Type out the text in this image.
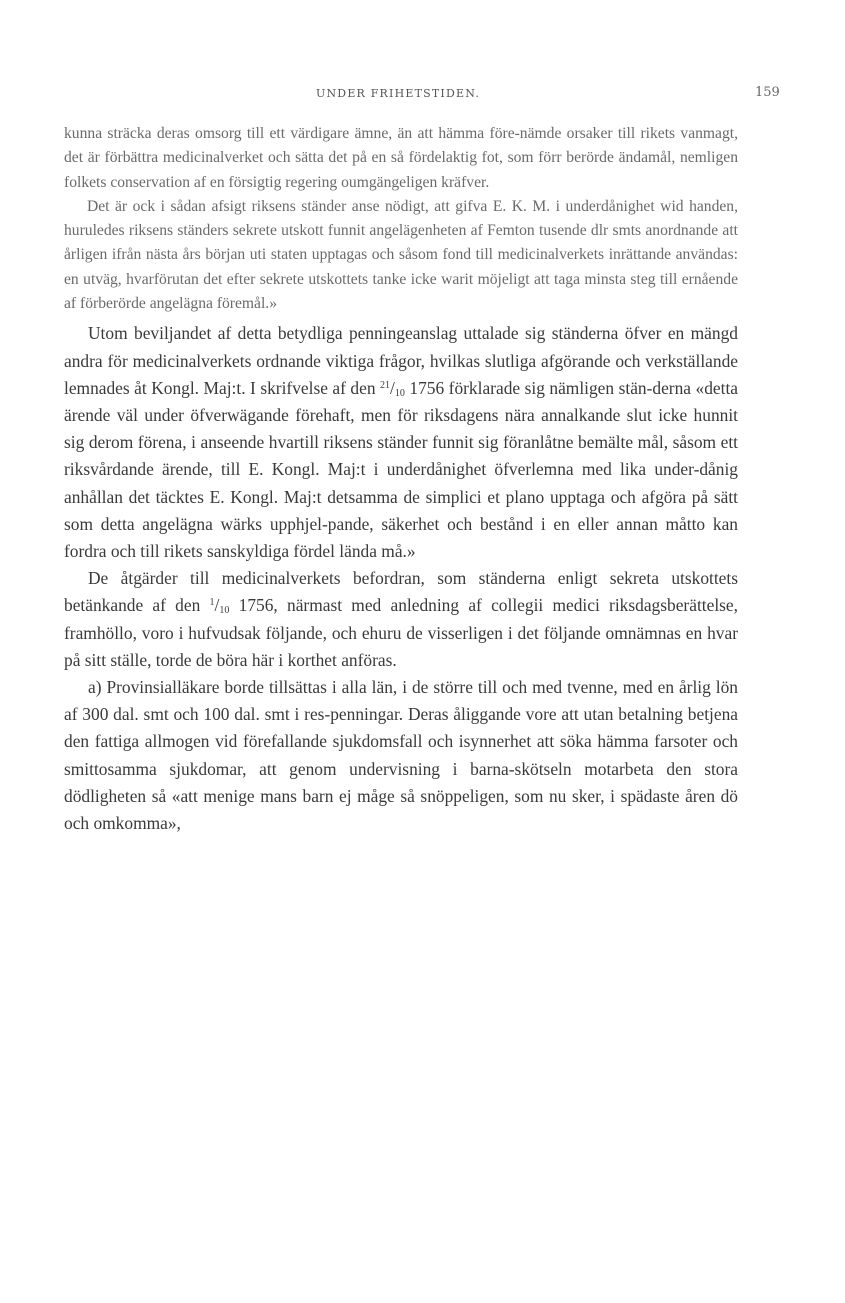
UNDER FRIHETSTIDEN.	159

kunna sträcka deras omsorg till ett värdigare ämne, än att hämma före-nämde orsaker till rikets vanmagt, det är förbättra medicinalverket och sätta det på en så fördelaktig fot, som förr berörde ändamål, nemligen folkets conservation af en försigtig regering oumgängeligen kräfver.

Det är ock i sådan afsigt riksens ständer anse nödigt, att gifva E. K. M. i underdånighet wid handen, huruledes riksens ständers sekrete utskott funnit angelägenheten af Femton tusende dlr smts anordnande att årligen ifrån nästa års början uti staten upptagas och såsom fond till medicinalverkets inrättande användas: en utväg, hvarförutan det efter sekrete utskottets tanke icke warit möjeligt att taga minsta steg till ernående af förberörde angelägna föremål.»

Utom beviljandet af detta betydliga penningeanslag uttalade sig ständerna öfver en mängd andra för medicinalverkets ordnande viktiga frågor, hvilkas slutliga afgörande och verkställande lemnades åt Kongl. Maj:t. I skrifvelse af den $^{21}/_{10}$ 1756 förklarade sig nämligen stän-derna «detta ärende väl under öfverwägande förehaft, men för riksdagens nära annalkande slut icke hunnit sig derom förena, i anseende hvartill riksens ständer funnit sig föranlåtne bemälte mål, såsom ett riksvårdande ärende, till E. Kongl. Maj:t i underdånighet öfverlemna med lika under-dånig anhållan det täcktes E. Kongl. Maj:t detsamma de simplici et plano upptaga och afgöra på sätt som detta angelägna wärks upphjel-pande, säkerhet och bestånd i en eller annan måtto kan fordra och till rikets sanskyldiga fördel lända må.»

De åtgärder till medicinalverkets befordran, som ständerna enligt sekreta utskottets betänkande af den $^1/_{10}$ 1756, närmast med anledning af collegii medici riksdagsberättelse, framhöllo, voro i hufvudsak följande, och ehuru de visserligen i det följande omnämnas en hvar på sitt ställe, torde de böra här i korthet anföras.

a) Provinsialläkare borde tillsättas i alla län, i de större till och med tvenne, med en årlig lön af 300 dal. smt och 100 dal. smt i res-penningar. Deras åliggande vore att utan betalning betjena den fattiga allmogen vid förefallande sjukdomsfall och isynnerhet att söka hämma farsoter och smittosamma sjukdomar, att genom undervisning i barna-skötseln motarbeta den stora dödligheten så «att menige mans barn ej måge så snöppeligen, som nu sker, i spädaste åren dö och omkomma»,
